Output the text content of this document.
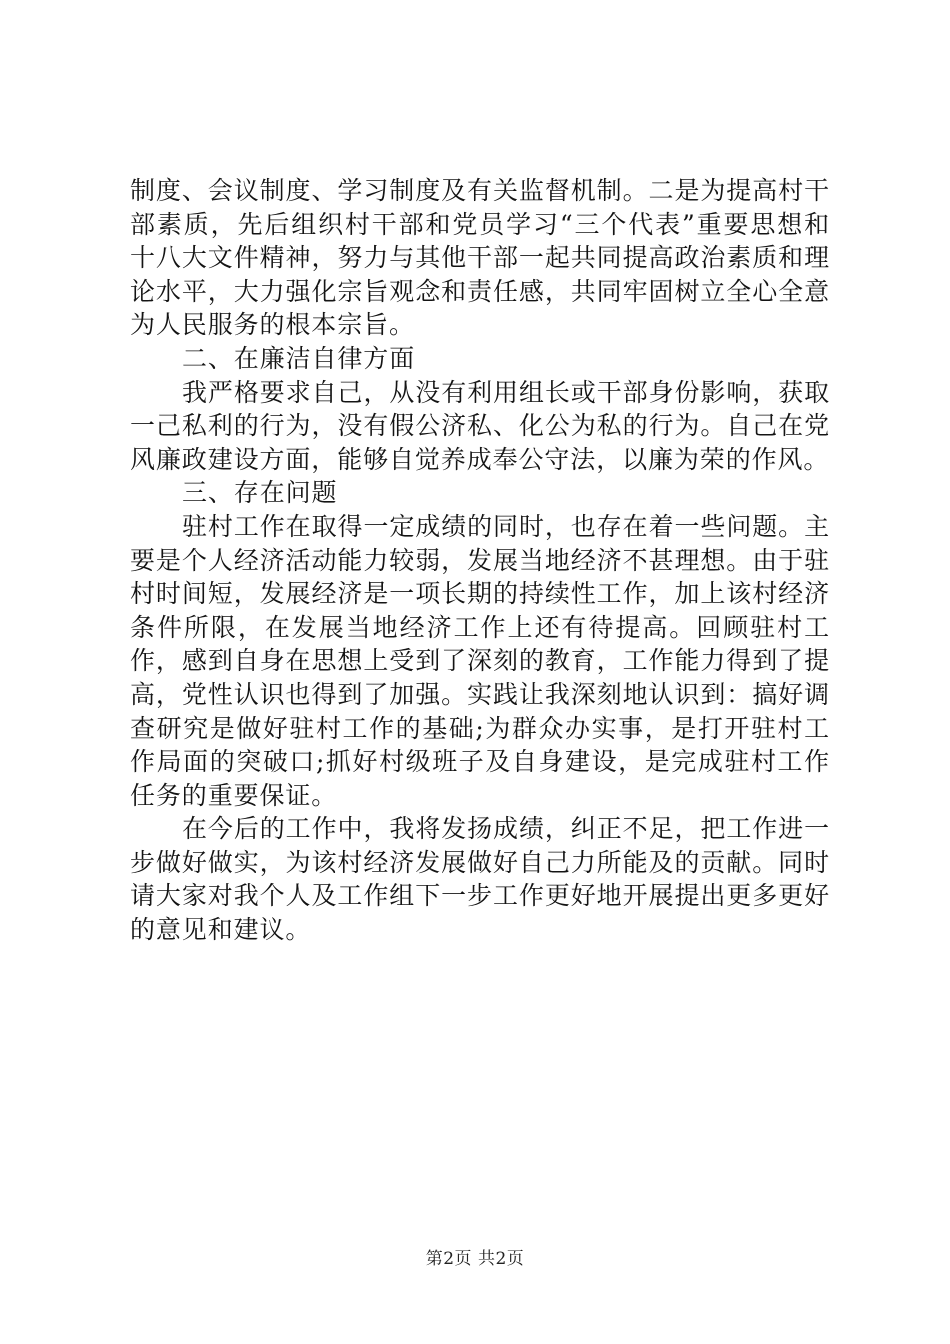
制度、会议制度、学习制度及有关监督机制。二是为提高村干部素质，先后组织村干部和党员学习“三个代表”重要思想和十八大文件精神，努力与其他干部一起共同提高政治素质和理论水平，大力强化宗旨观念和责任感，共同牢固树立全心全意为人民服务的根本宗旨。

二、在廉洁自律方面

我严格要求自己，从没有利用组长或干部身份影响，获取一己私利的行为，没有假公济私、化公为私的行为。自己在党风廉政建设方面，能够自觉养成奉公守法，以廉为荣的作风。

三、存在问题

驻村工作在取得一定成绩的同时，也存在着一些问题。主要是个人经济活动能力较弱，发展当地经济不甚理想。由于驻村时间短，发展经济是一项长期的持续性工作，加上该村经济条件所限，在发展当地经济工作上还有待提高。回顾驻村工作，感到自身在思想上受到了深刻的教育，工作能力得到了提高，党性认识也得到了加强。实践让我深刻地认识到：搞好调查研究是做好驻村工作的基础;为群众办实事，是打开驻村工作局面的突破口;抓好村级班子及自身建设，是完成驻村工作任务的重要保证。

在今后的工作中，我将发扬成绩，纠正不足，把工作进一步做好做实，为该村经济发展做好自己力所能及的贡献。同时请大家对我个人及工作组下一步工作更好地开展提出更多更好的意见和建议。

第2页 共2页
